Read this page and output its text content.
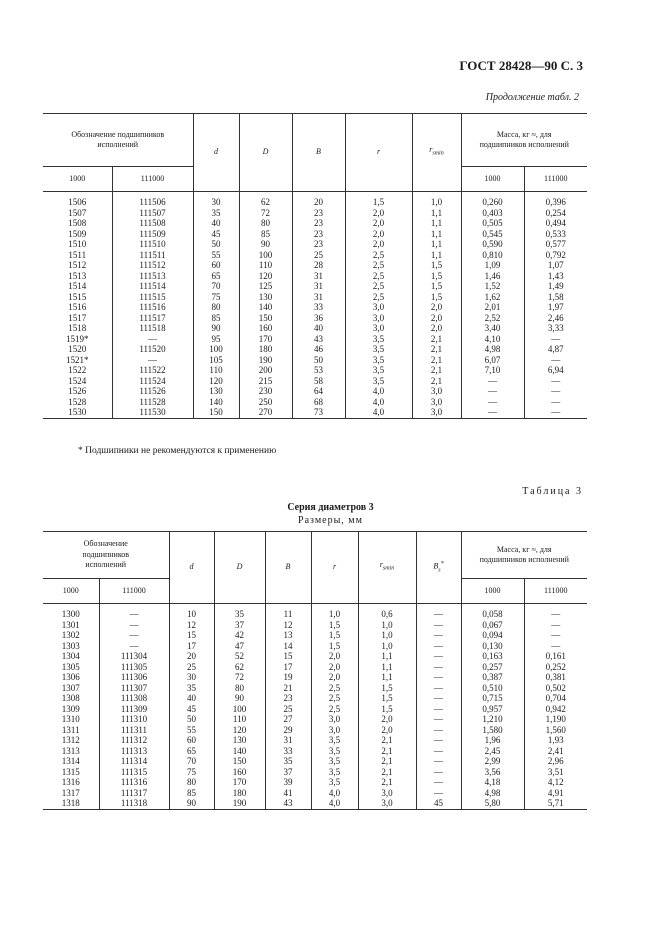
ГОСТ 28428—90 С. 3
Продолжение табл. 2
Обозначение подшипников исполнений		d	D	B	r	$r_{smin}$	Масса, кг ≈, для подшипников исполнений	
1000	111000						1000	111000
1506	111506	30	62	20	1,5	1,0	0,260	0,396
1507	111507	35	72	23	2,0	1,1	0,403	0,254
1508	111508	40	80	23	2,0	1,1	0,505	0,494
1509	111509	45	85	23	2,0	1,1	0,545	0,533
1510	111510	50	90	23	2,0	1,1	0,590	0,577
1511	111511	55	100	25	2,5	1,1	0,810	0,792
1512	111512	60	110	28	2,5	1,5	1,09	1,07
1513	111513	65	120	31	2,5	1,5	1,46	1,43
1514	111514	70	125	31	2,5	1,5	1,52	1,49
1515	111515	75	130	31	2,5	1,5	1,62	1,58
1516	111516	80	140	33	3,0	2,0	2,01	1,97
1517	111517	85	150	36	3,0	2,0	2,52	2,46
1518	111518	90	160	40	3,0	2,0	3,40	3,33
1519*	—	95	170	43	3,5	2,1	4,10	—
1520	111520	100	180	46	3,5	2,1	4,98	4,87
1521*	—	105	190	50	3,5	2,1	6,07	—
1522	111522	110	200	53	3,5	2,1	7,10	6,94
1524	111524	120	215	58	3,5	2,1	—	—
1526	111526	130	230	64	4,0	3,0	—	—
1528	111528	140	250	68	4,0	3,0	—	—
1530	111530	150	270	73	4,0	3,0	—	—
* Подшипники не рекомендуются к применению
Таблица 3
Серия диаметров 3
Размеры, мм
Обозначение подшипников исполнений		d	D	B	r	$r_{smin}$	$B_s^*$	Масса, кг ≈, для подшипников исполнений	
1000	111000							1000	111000
1300	—	10	35	11	1,0	0,6	—	0,058	—
1301	—	12	37	12	1,5	1,0	—	0,067	—
1302	—	15	42	13	1,5	1,0	—	0,094	—
1303	—	17	47	14	1,5	1,0	—	0,130	—
1304	111304	20	52	15	2,0	1,1	—	0,163	0,161
1305	111305	25	62	17	2,0	1,1	—	0,257	0,252
1306	111306	30	72	19	2,0	1,1	—	0,387	0,381
1307	111307	35	80	21	2,5	1,5	—	0,510	0,502
1308	111308	40	90	23	2,5	1,5	—	0,715	0,704
1309	111309	45	100	25	2,5	1,5	—	0,957	0,942
1310	111310	50	110	27	3,0	2,0	—	1,210	1,190
1311	111311	55	120	29	3,0	2,0	—	1,580	1,560
1312	111312	60	130	31	3,5	2,1	—	1,96	1,93
1313	111313	65	140	33	3,5	2,1	—	2,45	2,41
1314	111314	70	150	35	3,5	2,1	—	2,99	2,96
1315	111315	75	160	37	3,5	2,1	—	3,56	3,51
1316	111316	80	170	39	3,5	2,1	—	4,18	4,12
1317	111317	85	180	41	4,0	3,0	—	4,98	4,91
1318	111318	90	190	43	4,0	3,0	45	5,80	5,71
